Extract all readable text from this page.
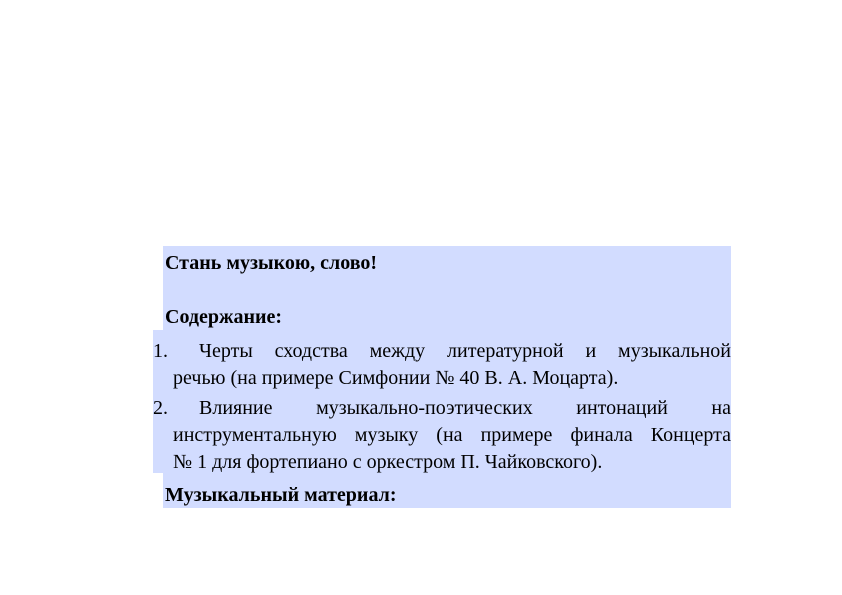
Стань музыкою, слово!
Содержание:
1.	Черты сходства между литературной и музыкальной
речью (на примере Симфонии № 40 В. А. Моцарта).
2.	Влияние музыкально-поэтических интонаций на
инструментальную музыку (на примере финала Концерта
№ 1 для фортепиано с оркестром П. Чайковского).
Музыкальный материал:
